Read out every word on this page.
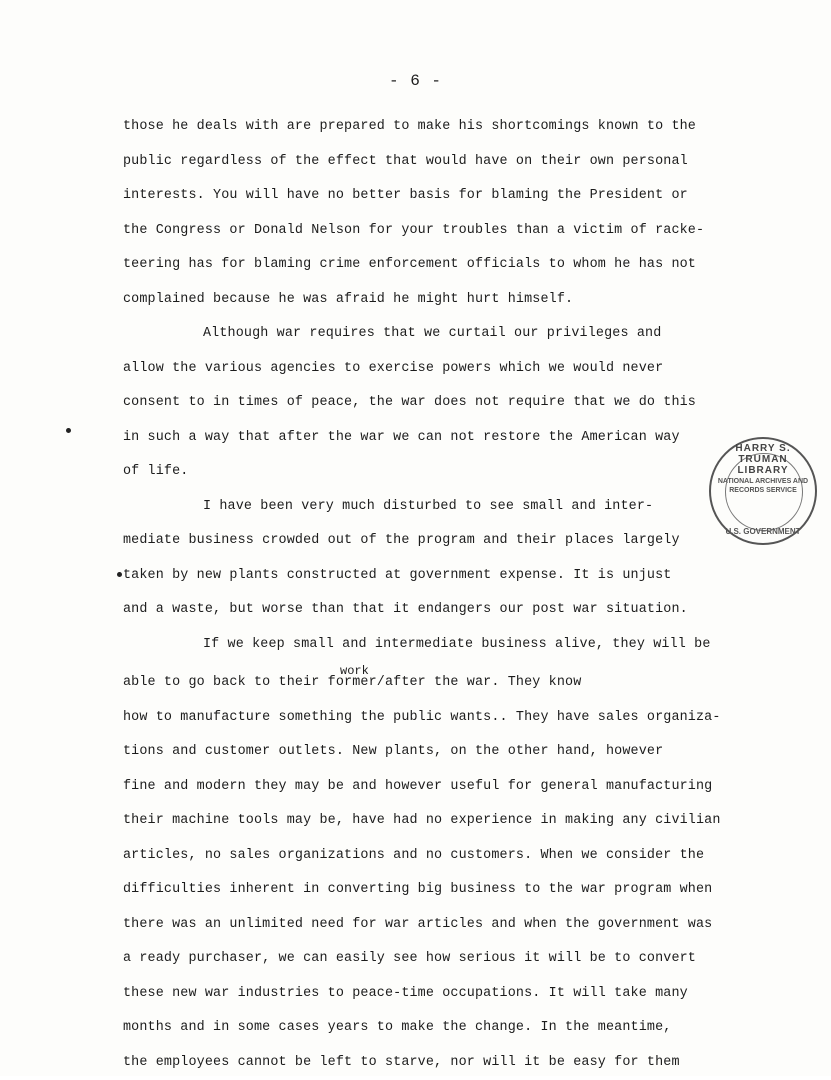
- 6 -
those he deals with are prepared to make his shortcomings known to the
public regardless of the effect that would have on their own personal
interests. You will have no better basis for blaming the President or
the Congress or Donald Nelson for your troubles than a victim of racke-
teering has for blaming crime enforcement officials to whom he has not
complained because he was afraid he might hurt himself.
Although war requires that we curtail our privileges and
allow the various agencies to exercise powers which we would never
consent to in times of peace, the war does not require that we do this
in such a way that after the war we can not restore the American way
of life.
I have been very much disturbed to see small and inter-
mediate business crowded out of the program and their places largely
taken by new plants constructed at government expense. It is unjust
and a waste, but worse than that it endangers our post war situation.
If we keep small and intermediate business alive, they will be
work
able to go back to their former/after the war. They know
how to manufacture something the public wants.. They have sales organiza-
tions and customer outlets. New plants, on the other hand, however
fine and modern they may be and however useful for general manufacturing
their machine tools may be, have had no experience in making any civilian
articles, no sales organizations and no customers. When we consider the
difficulties inherent in converting big business to the war program when
there was an unlimited need for war articles and when the government was
a ready purchaser, we can easily see how serious it will be to convert
these new war industries to peace-time occupations. It will take many
months and in some cases years to make the change. In the meantime,
the employees cannot be left to starve, nor will it be easy for them
HARRY S. TRUMAN LIBRARY
NATIONAL ARCHIVES AND RECORDS SERVICE
U.S. GOVERNMENT
